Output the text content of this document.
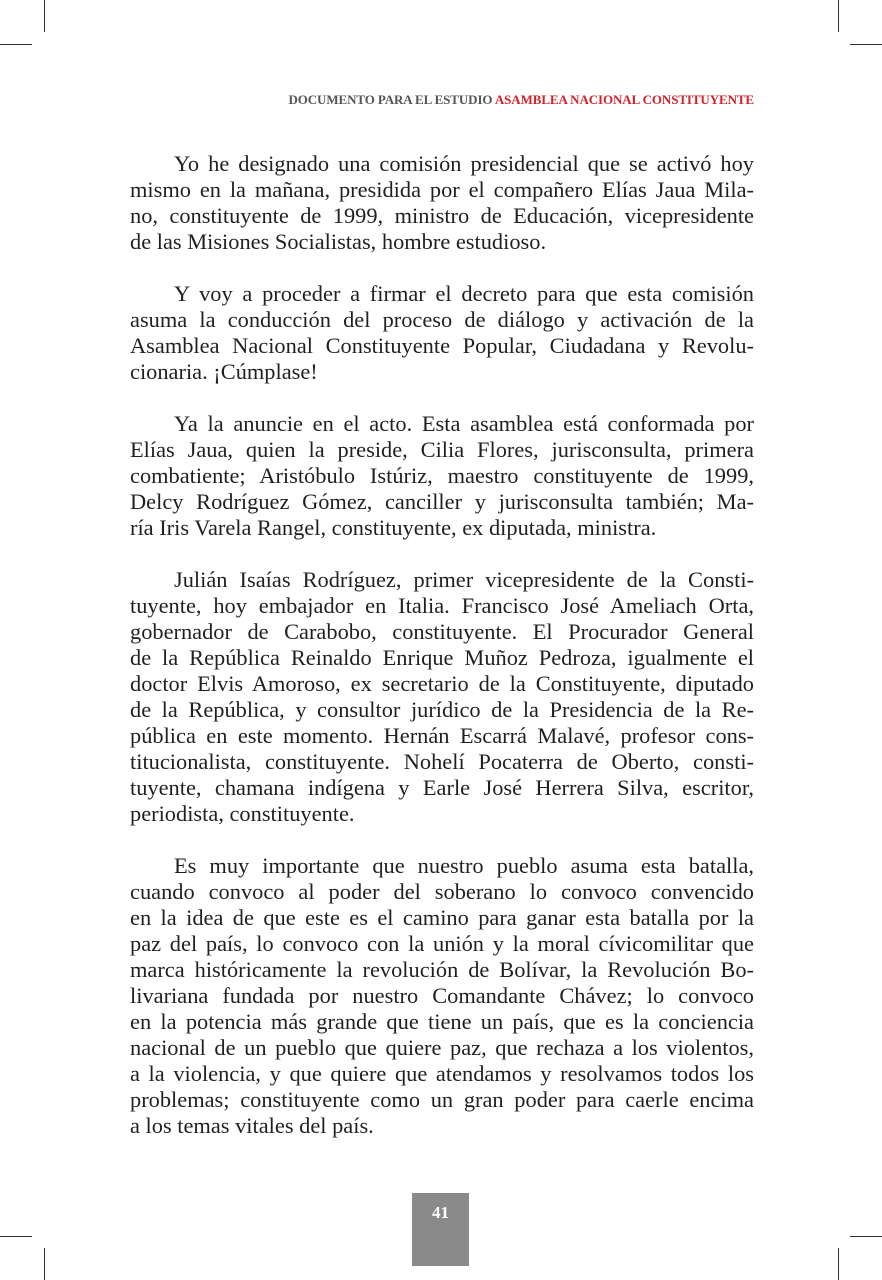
DOCUMENTO PARA EL ESTUDIO ASAMBLEA NACIONAL CONSTITUYENTE
Yo he designado una comisión presidencial que se activó hoy
mismo en la mañana, presidida por el compañero Elías Jaua Mila-
no, constituyente de 1999, ministro de Educación, vicepresidente
de las Misiones Socialistas, hombre estudioso.
Y voy a proceder a firmar el decreto para que esta comisión
asuma la conducción del proceso de diálogo y activación de la
Asamblea Nacional Constituyente Popular, Ciudadana y Revolu-
cionaria. ¡Cúmplase!
Ya la anuncie en el acto. Esta asamblea está conformada por
Elías Jaua, quien la preside, Cilia Flores, jurisconsulta, primera
combatiente; Aristóbulo Istúriz, maestro constituyente de 1999,
Delcy Rodríguez Gómez, canciller y jurisconsulta también; Ma-
ría Iris Varela Rangel, constituyente, ex diputada, ministra.
Julián Isaías Rodríguez, primer vicepresidente de la Consti-
tuyente, hoy embajador en Italia. Francisco José Ameliach Orta,
gobernador de Carabobo, constituyente. El Procurador General
de la República Reinaldo Enrique Muñoz Pedroza, igualmente el
doctor Elvis Amoroso, ex secretario de la Constituyente, diputado
de la República, y consultor jurídico de la Presidencia de la Re-
pública en este momento. Hernán Escarrá Malavé, profesor cons-
titucionalista, constituyente. Nohelí Pocaterra de Oberto, consti-
tuyente, chamana indígena y Earle José Herrera Silva, escritor,
periodista, constituyente.
Es muy importante que nuestro pueblo asuma esta batalla,
cuando convoco al poder del soberano lo convoco convencido
en la idea de que este es el camino para ganar esta batalla por la
paz del país, lo convoco con la unión y la moral cívicomilitar que
marca históricamente la revolución de Bolívar, la Revolución Bo-
livariana fundada por nuestro Comandante Chávez; lo convoco
en la potencia más grande que tiene un país, que es la conciencia
nacional de un pueblo que quiere paz, que rechaza a los violentos,
a la violencia, y que quiere que atendamos y resolvamos todos los
problemas; constituyente como un gran poder para caerle encima
a los temas vitales del país.
41
